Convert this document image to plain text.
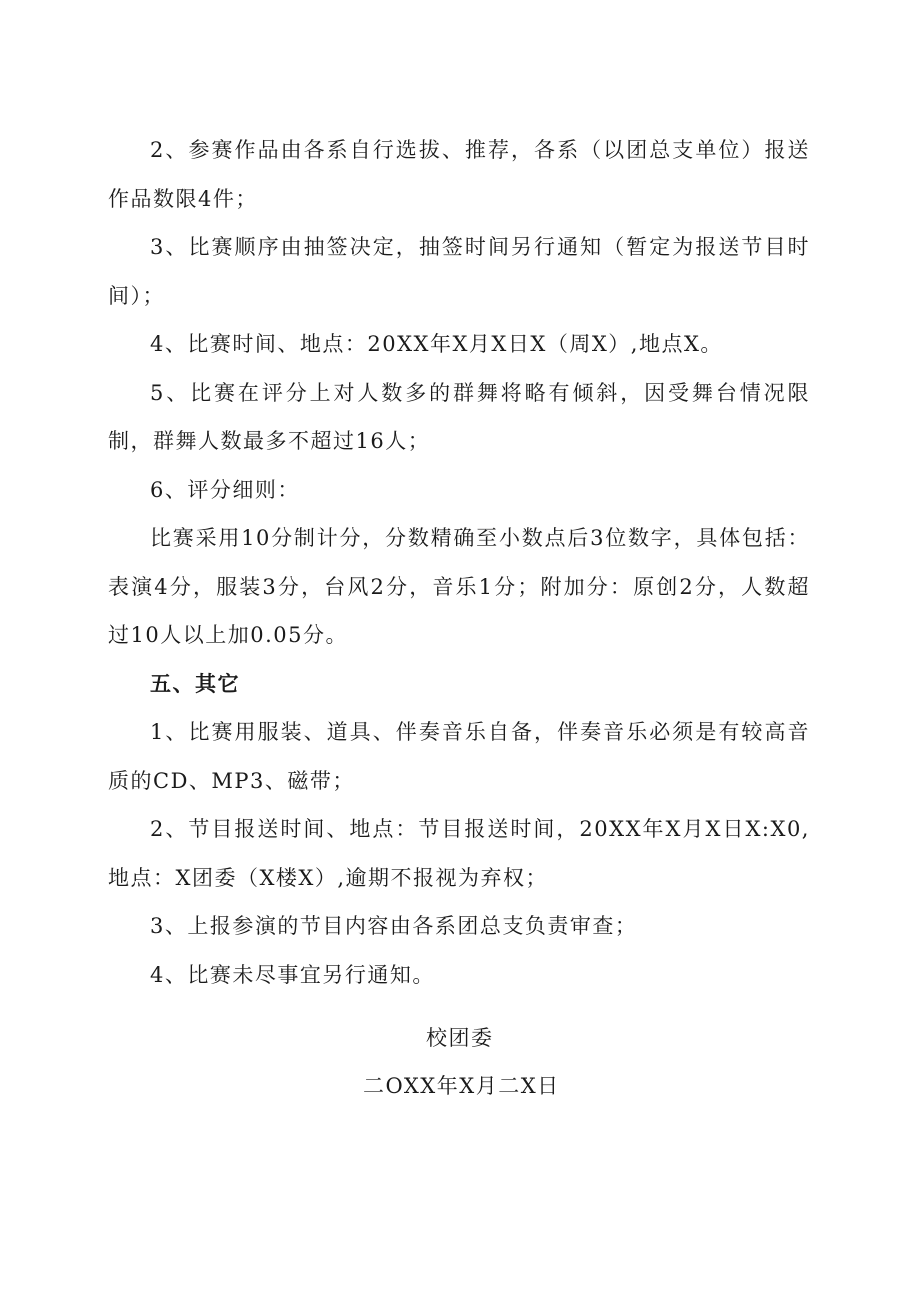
2、参赛作品由各系自行选拔、推荐，各系（以团总支单位）报送作品数限4件；

3、比赛顺序由抽签决定，抽签时间另行通知（暂定为报送节目时间）；

4、比赛时间、地点：20XX年X月X日X（周X）,地点X。

5、比赛在评分上对人数多的群舞将略有倾斜，因受舞台情况限制，群舞人数最多不超过16人；

6、评分细则：

比赛采用10分制计分，分数精确至小数点后3位数字，具体包括：表演4分，服装3分，台风2分，音乐1分；附加分：原创2分，人数超过10人以上加0.05分。

五、其它

1、比赛用服装、道具、伴奏音乐自备，伴奏音乐必须是有较高音质的CD、MP3、磁带；

2、节目报送时间、地点：节目报送时间，20XX年X月X日X:X0,地点：X团委（X楼X）,逾期不报视为弃权；

3、上报参演的节目内容由各系团总支负责审查；

4、比赛未尽事宜另行通知。

校团委

二OXX年X月二X日
